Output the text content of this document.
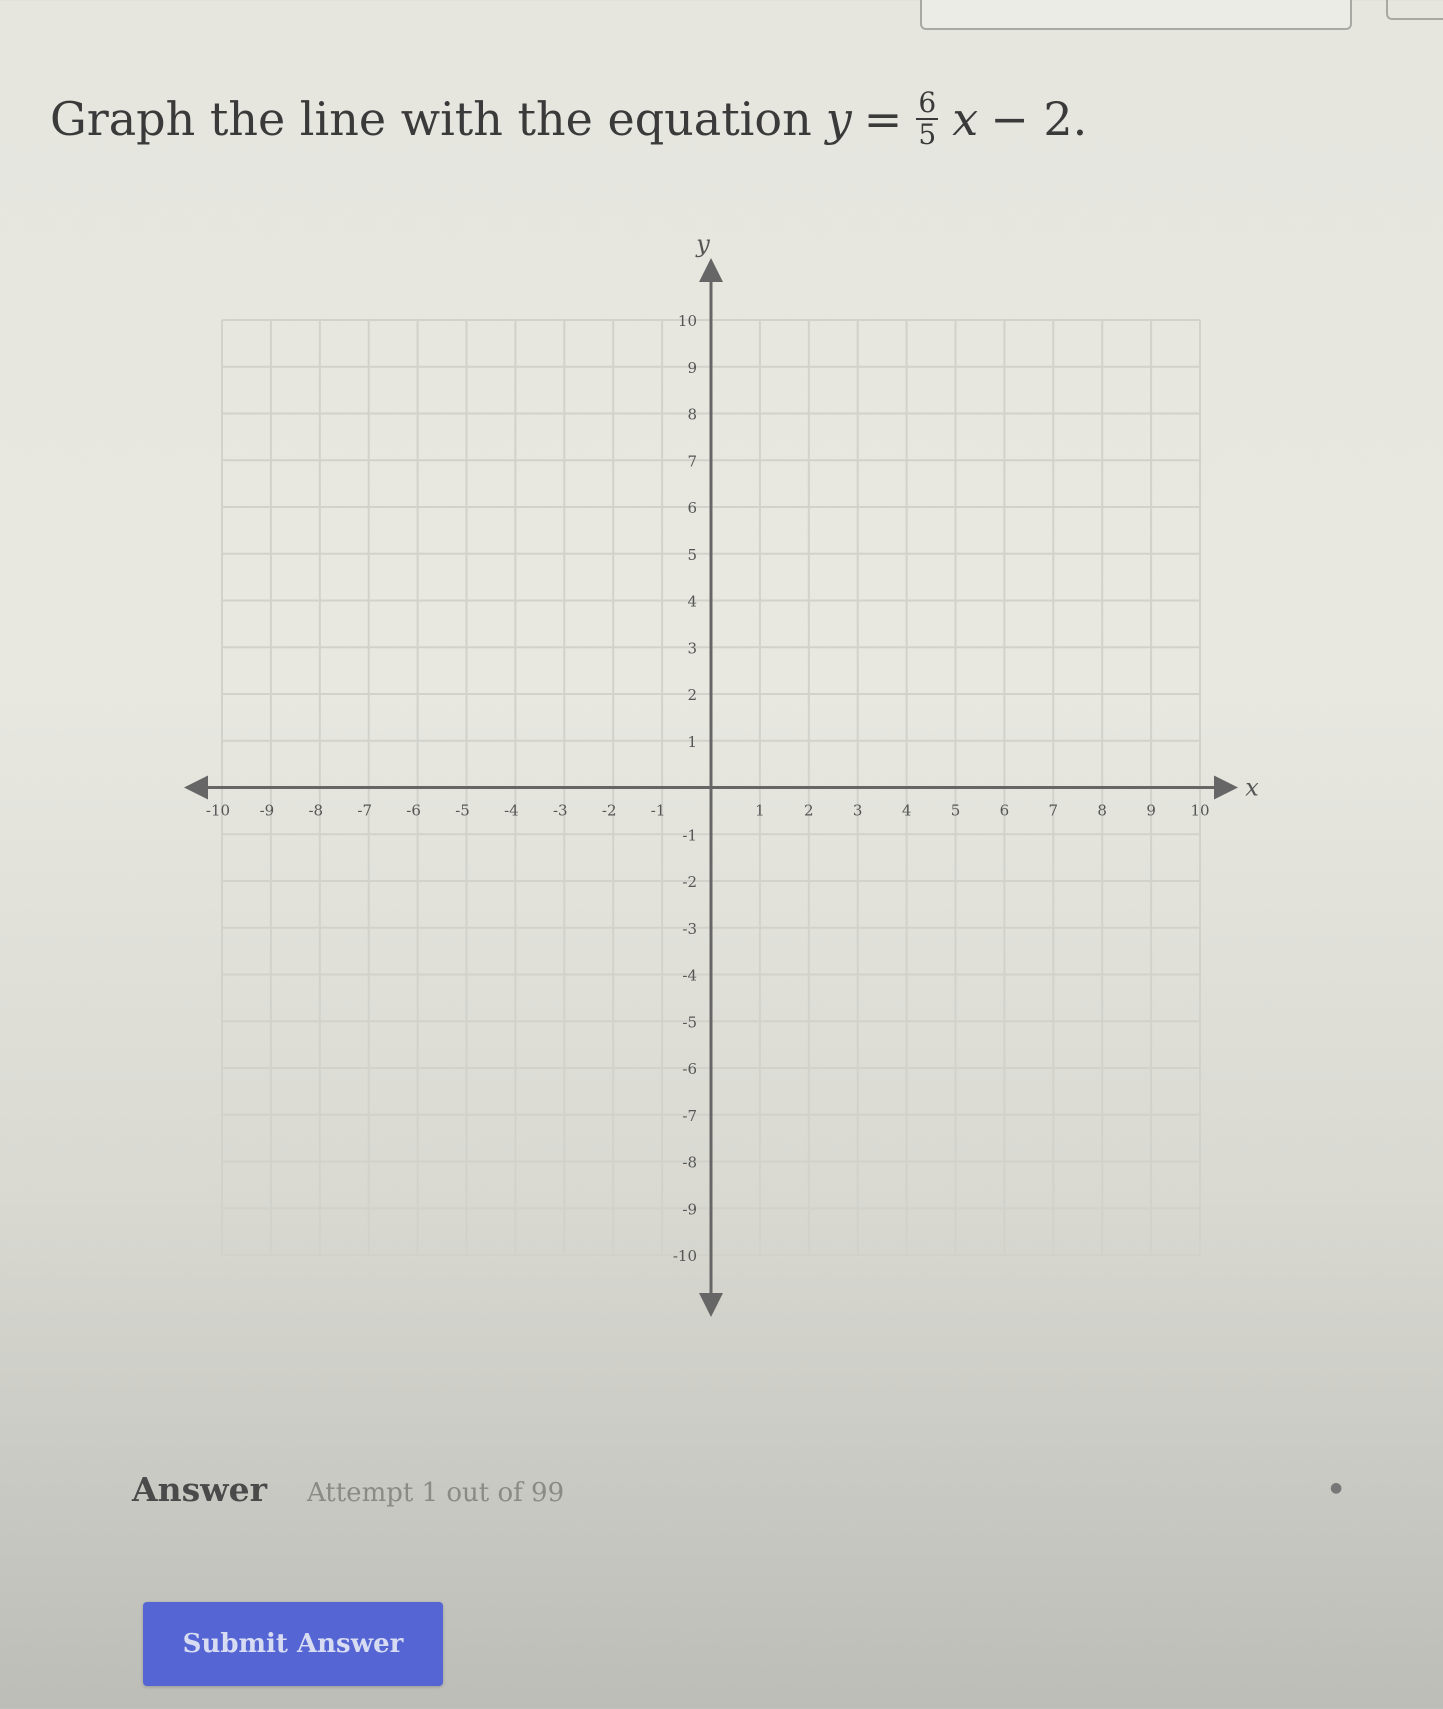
Graph the line with the equation $y = \frac{6}{5}$ x − 2.
x
y
-10 -9 -8 -7 -6 -5 -4 -3 -2 -1	1	2	3	4	5	6	7	8	9 10
10
9
8
7
6
5
4
3
2
1
-1
-2
-3
-4
-5
-6
-7
-8
-9
-10
Answer Attempt 1 out of 99	●
Submit Answer
